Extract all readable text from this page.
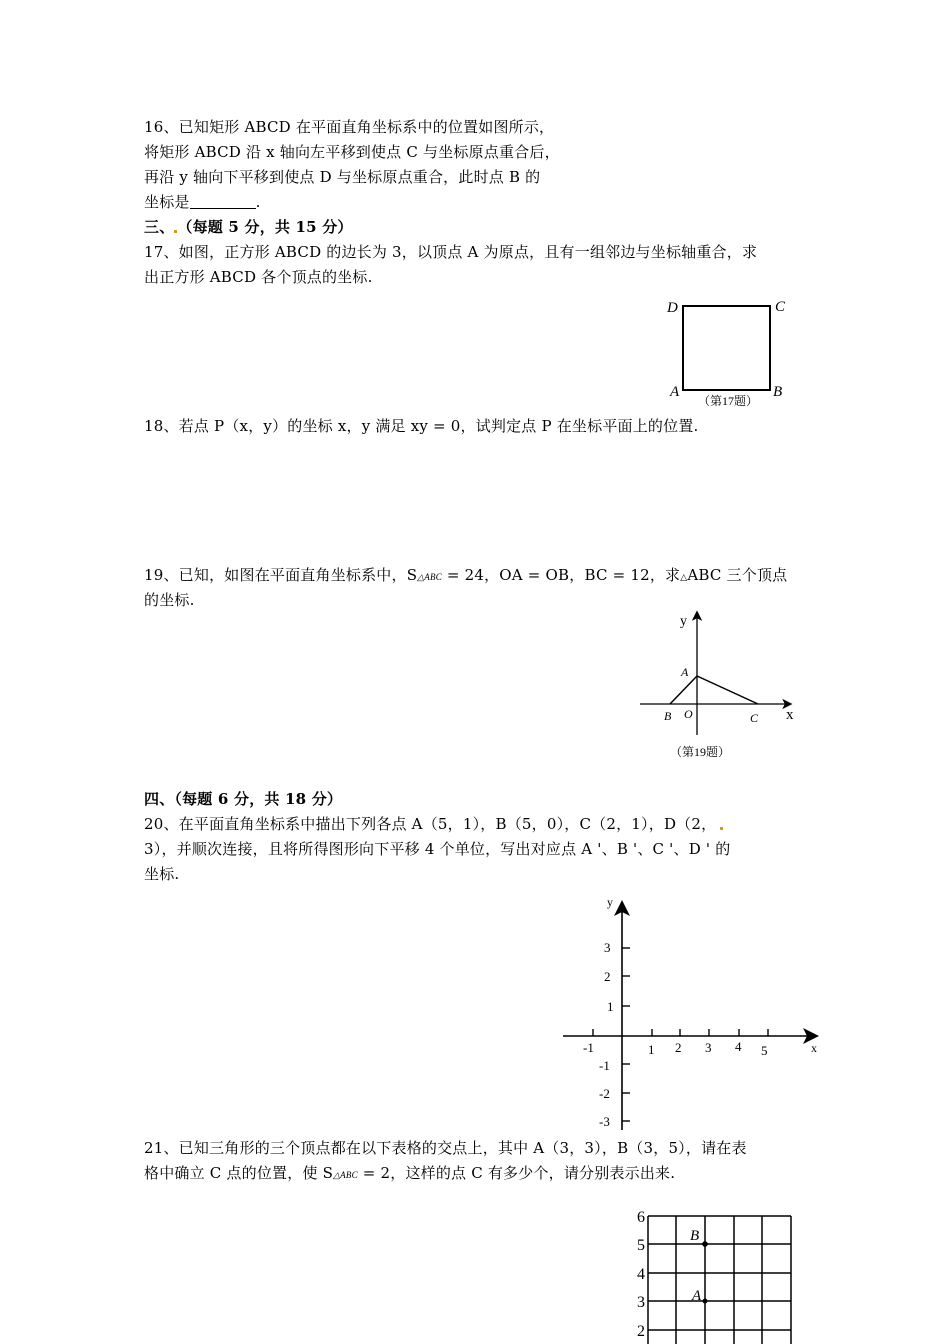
16、已知矩形 ABCD 在平面直角坐标系中的位置如图所示，
将矩形 ABCD 沿 x 轴向左平移到使点 C 与坐标原点重合后，
再沿 y 轴向下平移到使点 D 与坐标原点重合，此时点 B 的
坐标是	.
三、 （每题 5 分，共 15 分）
17、如图，正方形 ABCD 的边长为 3，以顶点 A 为原点，且有一组邻边与坐标轴重合，求
出正方形 ABCD 各个顶点的坐标.
D	C
A	B
（第17题）
18、若点 P（x，y）的坐标 x，y 满足 xy = 0，试判定点 P 在坐标平面上的位置.
19、已知，如图在平面直角坐标系中，S△ABC = 24，OA = OB，BC = 12，求△ABC 三个顶点
的坐标.
y
x
A
B O	C
（第19题）
四、（每题 6 分，共 18 分）
20、在平面直角坐标系中描出下列各点 A（5，1），B（5，0），C（2，1），D（2，
3），并顺次连接，且将所得图形向下平移 4 个单位，写出对应点 A '、B '、C '、D ' 的
坐标.
-1	1 2 3 4 5
3
2
1
-1
-2
-3
y
x
21、已知三角形的三个顶点都在以下表格的交点上，其中 A（3，3），B（3，5），请在表
格中确立 C 点的位置，使 S△ABC = 2，这样的点 C 有多少个，请分别表示出来.
6
5
4
3
2
B
A
